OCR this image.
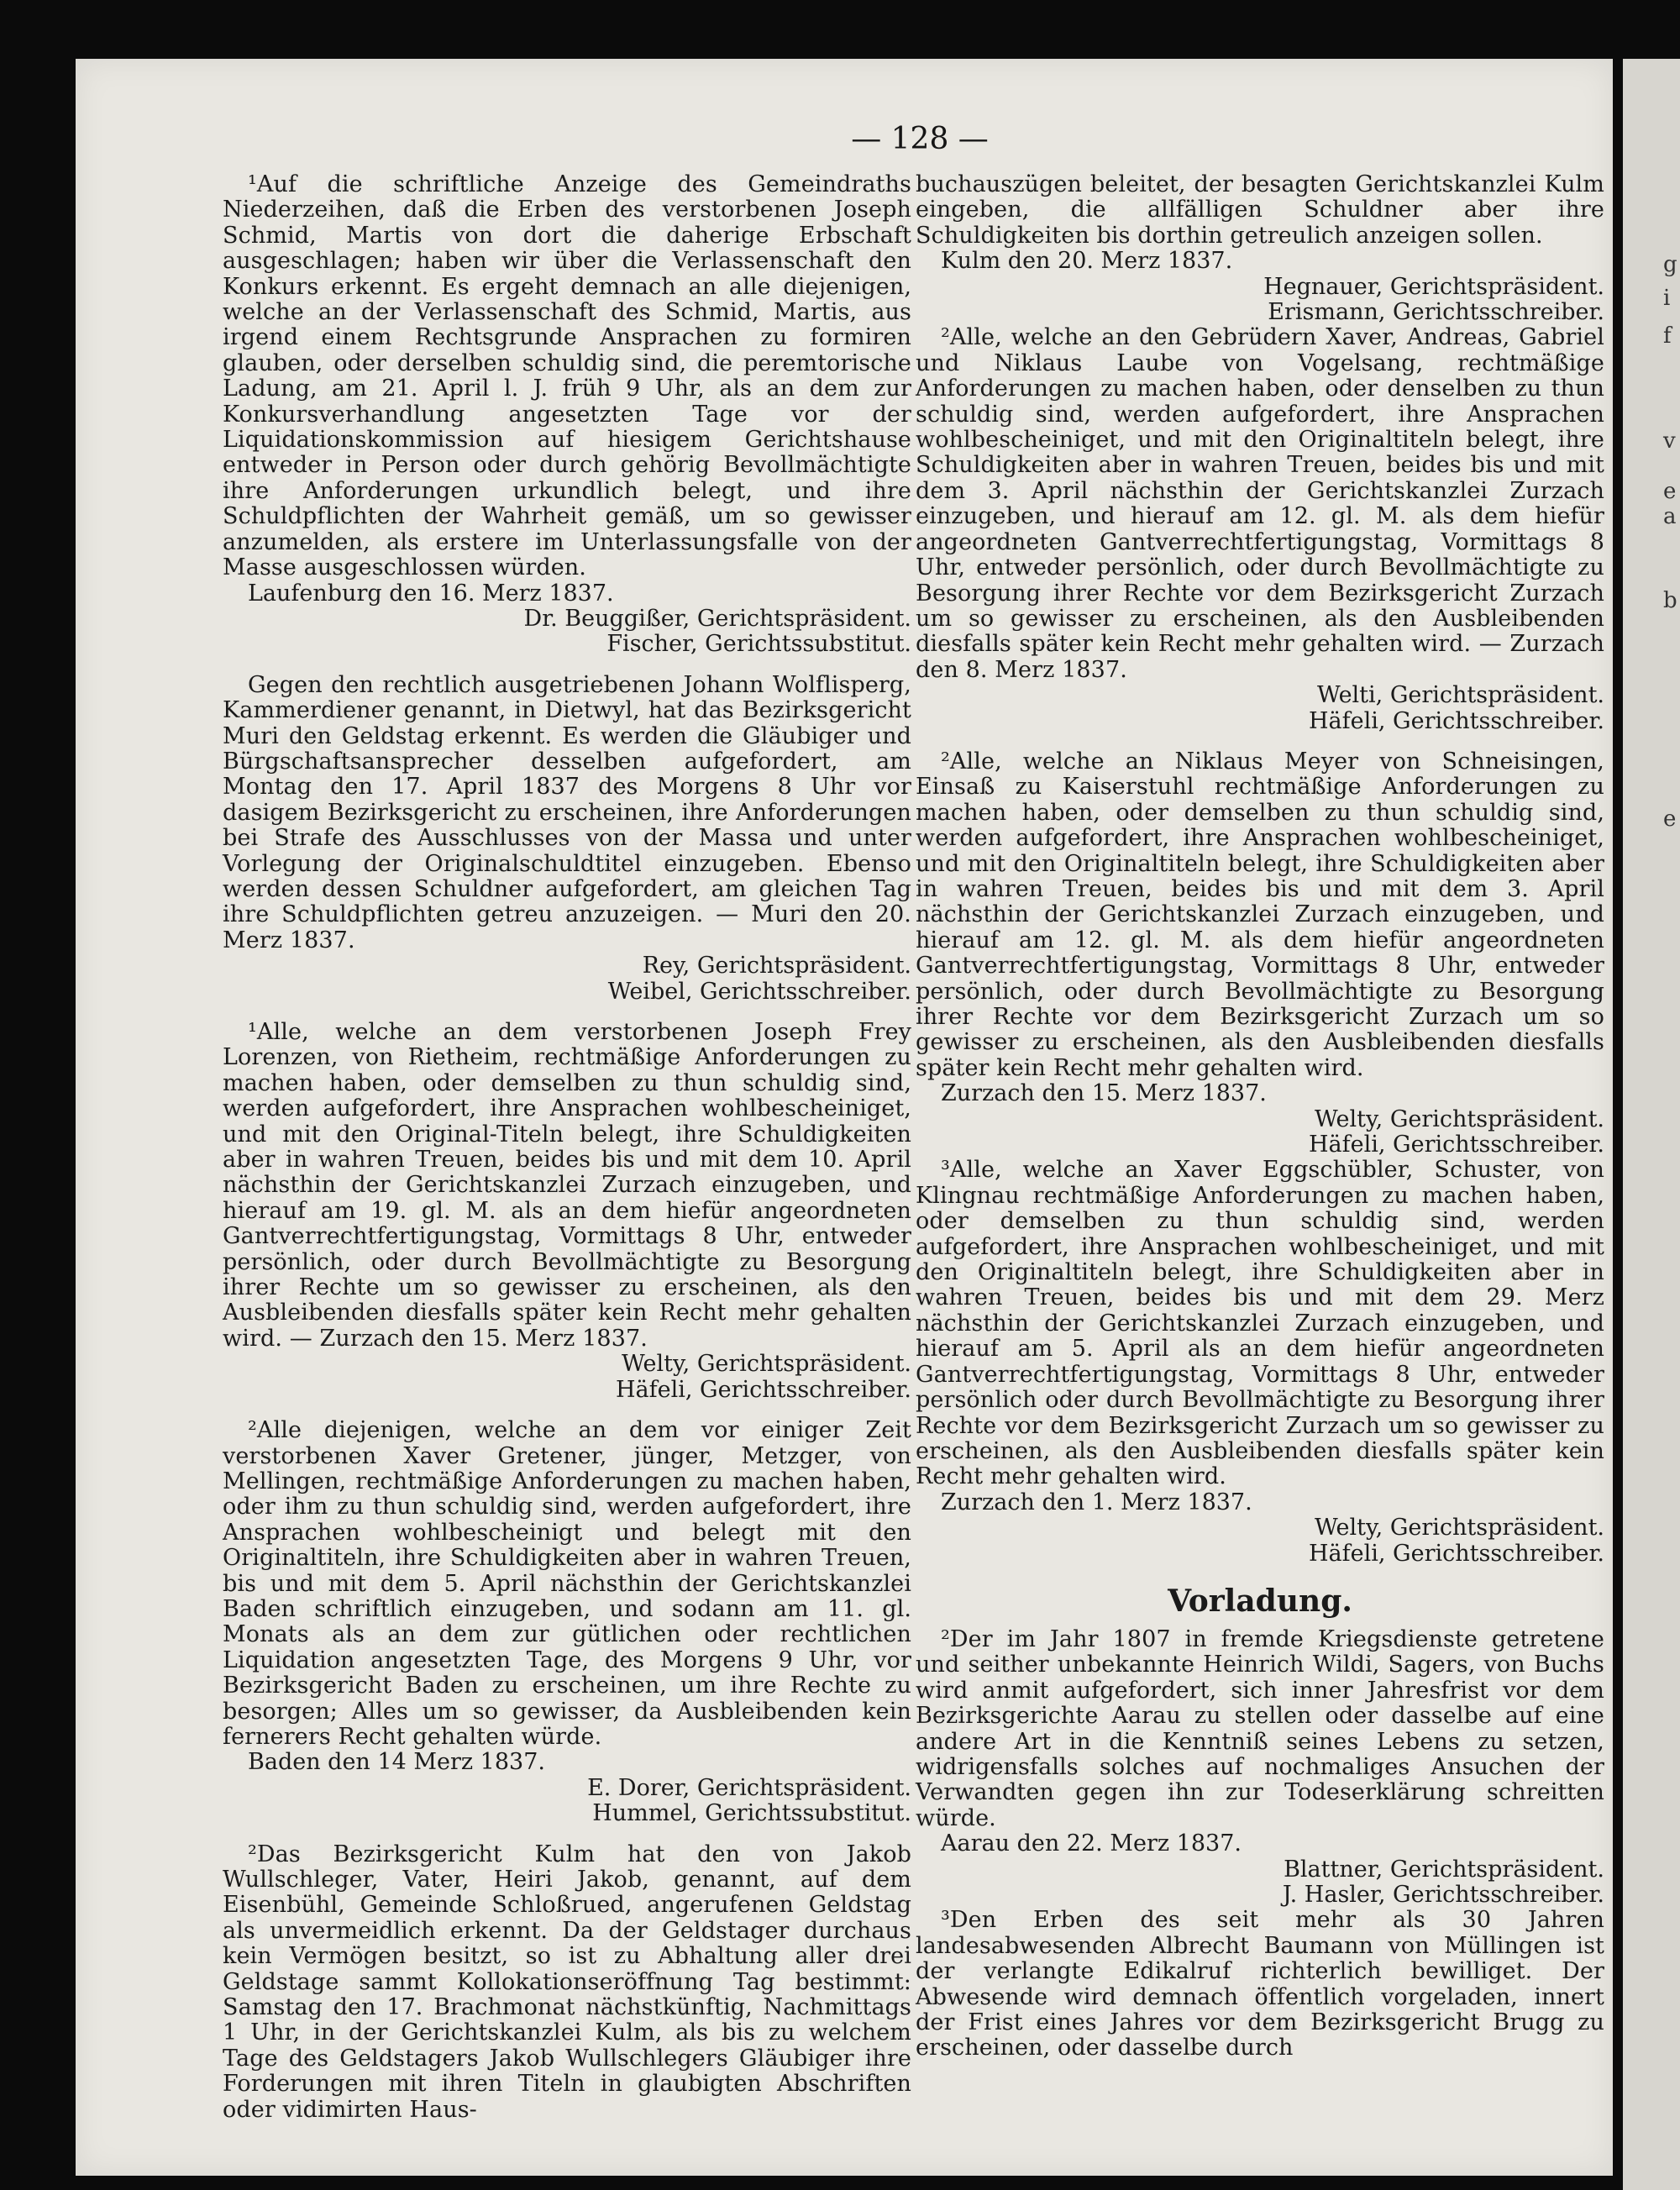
— 128 —

¹Auf die schriftliche Anzeige des Gemeindraths Niederzeihen, daß die Erben des verstorbenen Joseph Schmid, Martis von dort die daherige Erbschaft ausgeschlagen; haben wir über die Verlassenschaft den Konkurs erkennt. Es ergeht demnach an alle diejenigen, welche an der Verlassenschaft des Schmid, Martis, aus irgend einem Rechtsgrunde Ansprachen zu formiren glauben, oder derselben schuldig sind, die peremtorische Ladung, am 21. April l. J. früh 9 Uhr, als an dem zur Konkursverhandlung angesetzten Tage vor der Liquidationskommission auf hiesigem Gerichtshause entweder in Person oder durch gehörig Bevollmächtigte ihre Anforderungen urkundlich belegt, und ihre Schuldpflichten der Wahrheit gemäß, um so gewisser anzumelden, als erstere im Unterlassungsfalle von der Masse ausgeschlossen würden.

Laufenburg den 16. Merz 1837.

Dr. Beuggißer, Gerichtspräsident.

Fischer, Gerichtssubstitut.

Gegen den rechtlich ausgetriebenen Johann Wolflisperg, Kammerdiener genannt, in Dietwyl, hat das Bezirksgericht Muri den Geldstag erkennt. Es werden die Gläubiger und Bürgschaftsansprecher desselben aufgefordert, am Montag den 17. April 1837 des Morgens 8 Uhr vor dasigem Bezirksgericht zu erscheinen, ihre Anforderungen bei Strafe des Ausschlusses von der Massa und unter Vorlegung der Originalschuldtitel einzugeben. Ebenso werden dessen Schuldner aufgefordert, am gleichen Tag ihre Schuldpflichten getreu anzuzeigen. — Muri den 20. Merz 1837.

Rey, Gerichtspräsident.

Weibel, Gerichtsschreiber.

¹Alle, welche an dem verstorbenen Joseph Frey Lorenzen, von Rietheim, rechtmäßige Anforderungen zu machen haben, oder demselben zu thun schuldig sind, werden aufgefordert, ihre Ansprachen wohlbescheiniget, und mit den Original-Titeln belegt, ihre Schuldigkeiten aber in wahren Treuen, beides bis und mit dem 10. April nächsthin der Gerichtskanzlei Zurzach einzugeben, und hierauf am 19. gl. M. als an dem hiefür angeordneten Gantverrechtfertigungstag, Vormittags 8 Uhr, entweder persönlich, oder durch Bevollmächtigte zu Besorgung ihrer Rechte um so gewisser zu erscheinen, als den Ausbleibenden diesfalls später kein Recht mehr gehalten wird. — Zurzach den 15. Merz 1837.

Welty, Gerichtspräsident.

Häfeli, Gerichtsschreiber.

²Alle diejenigen, welche an dem vor einiger Zeit verstorbenen Xaver Gretener, jünger, Metzger, von Mellingen, rechtmäßige Anforderungen zu machen haben, oder ihm zu thun schuldig sind, werden aufgefordert, ihre Ansprachen wohlbescheinigt und belegt mit den Originaltiteln, ihre Schuldigkeiten aber in wahren Treuen, bis und mit dem 5. April nächsthin der Gerichtskanzlei Baden schriftlich einzugeben, und sodann am 11. gl. Monats als an dem zur gütlichen oder rechtlichen Liquidation angesetzten Tage, des Morgens 9 Uhr, vor Bezirksgericht Baden zu erscheinen, um ihre Rechte zu besorgen; Alles um so gewisser, da Ausbleibenden kein fernerers Recht gehalten würde.

Baden den 14 Merz 1837.

E. Dorer, Gerichtspräsident.

Hummel, Gerichtssubstitut.

²Das Bezirksgericht Kulm hat den von Jakob Wullschleger, Vater, Heiri Jakob, genannt, auf dem Eisenbühl, Gemeinde Schloßrued, angerufenen Geldstag als unvermeidlich erkennt. Da der Geldstager durchaus kein Vermögen besitzt, so ist zu Abhaltung aller drei Geldstage sammt Kollokationseröffnung Tag bestimmt: Samstag den 17. Brachmonat nächstkünftig, Nachmittags 1 Uhr, in der Gerichtskanzlei Kulm, als bis zu welchem Tage des Geldstagers Jakob Wullschlegers Gläubiger ihre Forderungen mit ihren Titeln in glaubigten Abschriften oder vidimirten Haus-

buchauszügen beleitet, der besagten Gerichtskanzlei Kulm eingeben, die allfälligen Schuldner aber ihre Schuldigkeiten bis dorthin getreulich anzeigen sollen.

Kulm den 20. Merz 1837.

Hegnauer, Gerichtspräsident.

Erismann, Gerichtsschreiber.

²Alle, welche an den Gebrüdern Xaver, Andreas, Gabriel und Niklaus Laube von Vogelsang, rechtmäßige Anforderungen zu machen haben, oder denselben zu thun schuldig sind, werden aufgefordert, ihre Ansprachen wohlbescheiniget, und mit den Originaltiteln belegt, ihre Schuldigkeiten aber in wahren Treuen, beides bis und mit dem 3. April nächsthin der Gerichtskanzlei Zurzach einzugeben, und hierauf am 12. gl. M. als dem hiefür angeordneten Gantverrechtfertigungstag, Vormittags 8 Uhr, entweder persönlich, oder durch Bevollmächtigte zu Besorgung ihrer Rechte vor dem Bezirksgericht Zurzach um so gewisser zu erscheinen, als den Ausbleibenden diesfalls später kein Recht mehr gehalten wird. — Zurzach den 8. Merz 1837.

Welti, Gerichtspräsident.

Häfeli, Gerichtsschreiber.

²Alle, welche an Niklaus Meyer von Schneisingen, Einsaß zu Kaiserstuhl rechtmäßige Anforderungen zu machen haben, oder demselben zu thun schuldig sind, werden aufgefordert, ihre Ansprachen wohlbescheiniget, und mit den Originaltiteln belegt, ihre Schuldigkeiten aber in wahren Treuen, beides bis und mit dem 3. April nächsthin der Gerichtskanzlei Zurzach einzugeben, und hierauf am 12. gl. M. als dem hiefür angeordneten Gantverrechtfertigungstag, Vormittags 8 Uhr, entweder persönlich, oder durch Bevollmächtigte zu Besorgung ihrer Rechte vor dem Bezirksgericht Zurzach um so gewisser zu erscheinen, als den Ausbleibenden diesfalls später kein Recht mehr gehalten wird.

Zurzach den 15. Merz 1837.

Welty, Gerichtspräsident.

Häfeli, Gerichtsschreiber.

³Alle, welche an Xaver Eggschübler, Schuster, von Klingnau rechtmäßige Anforderungen zu machen haben, oder demselben zu thun schuldig sind, werden aufgefordert, ihre Ansprachen wohlbescheiniget, und mit den Originaltiteln belegt, ihre Schuldigkeiten aber in wahren Treuen, beides bis und mit dem 29. Merz nächsthin der Gerichtskanzlei Zurzach einzugeben, und hierauf am 5. April als an dem hiefür angeordneten Gantverrechtfertigungstag, Vormittags 8 Uhr, entweder persönlich oder durch Bevollmächtigte zu Besorgung ihrer Rechte vor dem Bezirksgericht Zurzach um so gewisser zu erscheinen, als den Ausbleibenden diesfalls später kein Recht mehr gehalten wird.

Zurzach den 1. Merz 1837.

Welty, Gerichtspräsident.

Häfeli, Gerichtsschreiber.

Vorladung.

²Der im Jahr 1807 in fremde Kriegsdienste getretene und seither unbekannte Heinrich Wildi, Sagers, von Buchs wird anmit aufgefordert, sich inner Jahresfrist vor dem Bezirksgerichte Aarau zu stellen oder dasselbe auf eine andere Art in die Kenntniß seines Lebens zu setzen, widrigensfalls solches auf nochmaliges Ansuchen der Verwandten gegen ihn zur Todeserklärung schreitten würde.

Aarau den 22. Merz 1837.

Blattner, Gerichtspräsident.

J. Hasler, Gerichtsschreiber.

³Den Erben des seit mehr als 30 Jahren landesabwesenden Albrecht Baumann von Müllingen ist der verlangte Edikalruf richterlich bewilliget. Der Abwesende wird demnach öffentlich vorgeladen, innert der Frist eines Jahres vor dem Bezirksgericht Brugg zu erscheinen, oder dasselbe durch

g
i
f
v
e
a
b
e
